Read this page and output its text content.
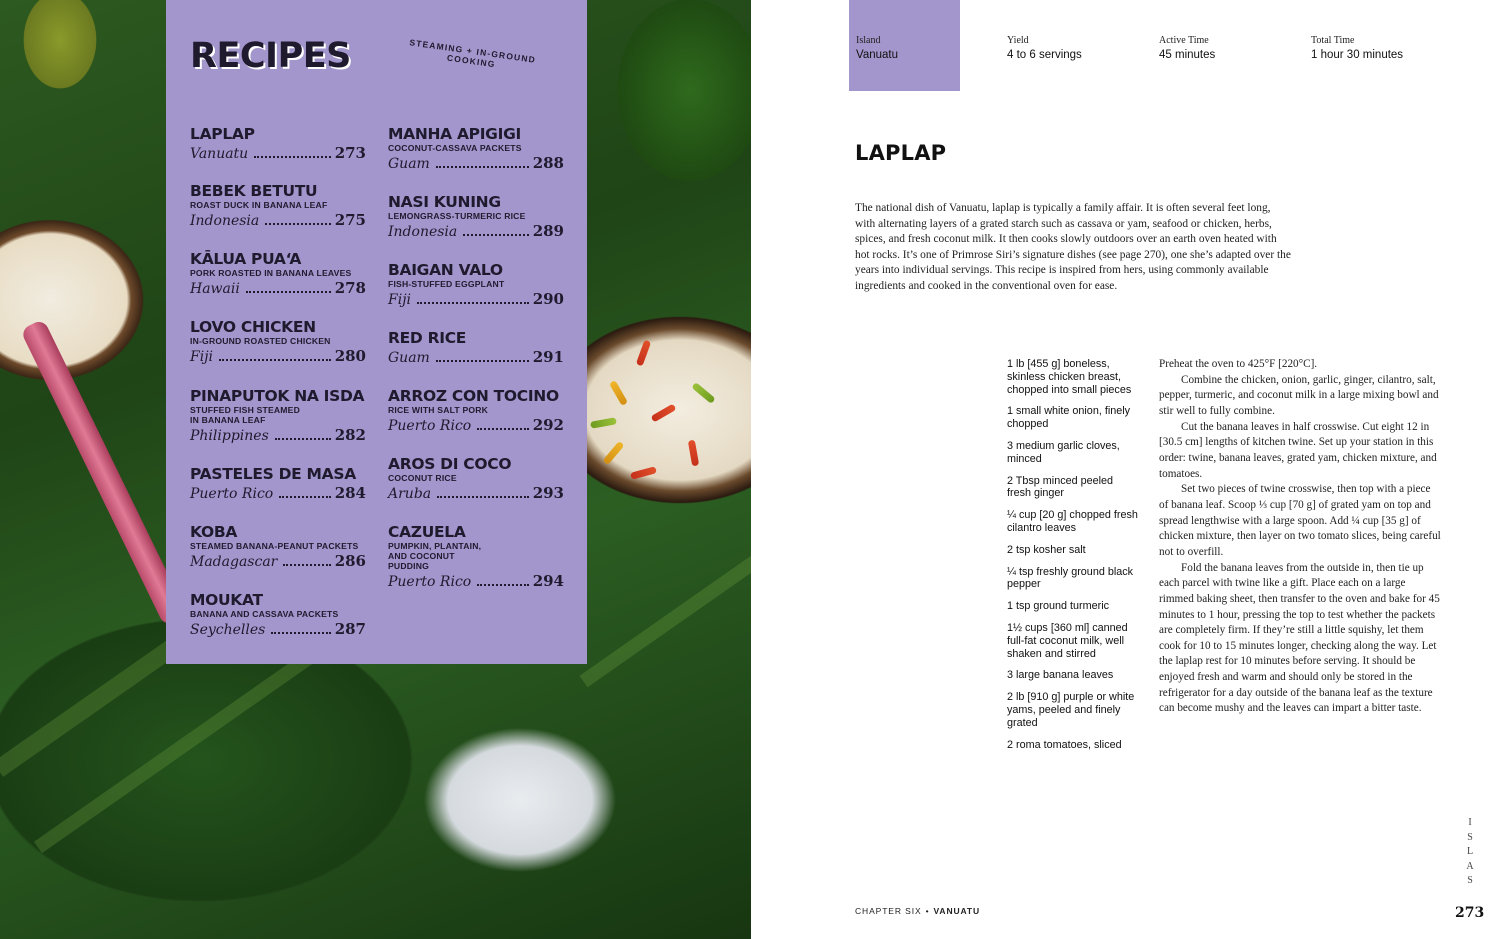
RECIPES	STEAMING + IN-GROUND COOKING
LAPLAP
Vanuatu	273
BEBEK BETUTU
ROAST DUCK IN BANANA LEAF
Indonesia	275
KĀLUA PUA‘A
PORK ROASTED IN BANANA LEAVES
Hawaii	278
LOVO CHICKEN
IN-GROUND ROASTED CHICKEN
Fiji	280
PINAPUTOK NA ISDA
STUFFED FISH STEAMED IN BANANA LEAF
Philippines	282
PASTELES DE MASA
Puerto Rico	284
KOBA
STEAMED BANANA-PEANUT PACKETS
Madagascar	286
MOUKAT
BANANA AND CASSAVA PACKETS
Seychelles	287
MANHA APIGIGI
COCONUT-CASSAVA PACKETS
Guam	288
NASI KUNING
LEMONGRASS-TURMERIC RICE
Indonesia	289
BAIGAN VALO
FISH-STUFFED EGGPLANT
Fiji	290
RED RICE
Guam	291
ARROZ CON TOCINO
RICE WITH SALT PORK
Puerto Rico	292
AROS DI COCO
COCONUT RICE
Aruba	293
CAZUELA
PUMPKIN, PLANTAIN, AND COCONUT PUDDING
Puerto Rico	294
Island
Vanuatu
Yield
4 to 6 servings
Active Time
45 minutes
Total Time
1 hour 30 minutes
LAPLAP
The national dish of Vanuatu, laplap is typically a family affair. It is often several feet long, with alternating layers of a grated starch such as cassava or yam, seafood or chicken, herbs, spices, and fresh coconut milk. It then cooks slowly outdoors over an earth oven heated with hot rocks. It’s one of Primrose Siri’s signature dishes (see page 270), one she’s adapted over the years into individual servings. This recipe is inspired from hers, using commonly available ingredients and cooked in the conventional oven for ease.
1 lb [455 g] boneless, skinless chicken breast, chopped into small pieces
1 small white onion, finely chopped
3 medium garlic cloves, minced
2 Tbsp minced peeled fresh ginger
¼ cup [20 g] chopped fresh cilantro leaves
2 tsp kosher salt
¼ tsp freshly ground black pepper
1 tsp ground turmeric
1½ cups [360 ml] canned full-fat coconut milk, well shaken and stirred
3 large banana leaves
2 lb [910 g] purple or white yams, peeled and finely grated
2 roma tomatoes, sliced

Preheat the oven to 425°F [220°C].

Combine the chicken, onion, garlic, ginger, cilantro, salt, pepper, turmeric, and coconut milk in a large mixing bowl and stir well to fully combine.

Cut the banana leaves in half crosswise. Cut eight 12 in [30.5 cm] lengths of kitchen twine. Set up your station in this order: twine, banana leaves, grated yam, chicken mixture, and tomatoes.

Set two pieces of twine crosswise, then top with a piece of banana leaf. Scoop ⅓ cup [70 g] of grated yam on top and spread lengthwise with a large spoon. Add ¼ cup [35 g] of chicken mixture, then layer on two tomato slices, being careful not to overfill.

Fold the banana leaves from the outside in, then tie up each parcel with twine like a gift. Place each on a large rimmed baking sheet, then transfer to the oven and bake for 45 minutes to 1 hour, pressing the top to test whether the packets are completely firm. If they’re still a little squishy, let them cook for 10 to 15 minutes longer, checking along the way. Let the laplap rest for 10 minutes before serving. It should be enjoyed fresh and warm and should only be stored in the refrigerator for a day outside of the banana leaf as the texture can become mushy and the leaves can impart a bitter taste.

CHAPTER SIX • VANUATU
I
S
L
A
S
273
